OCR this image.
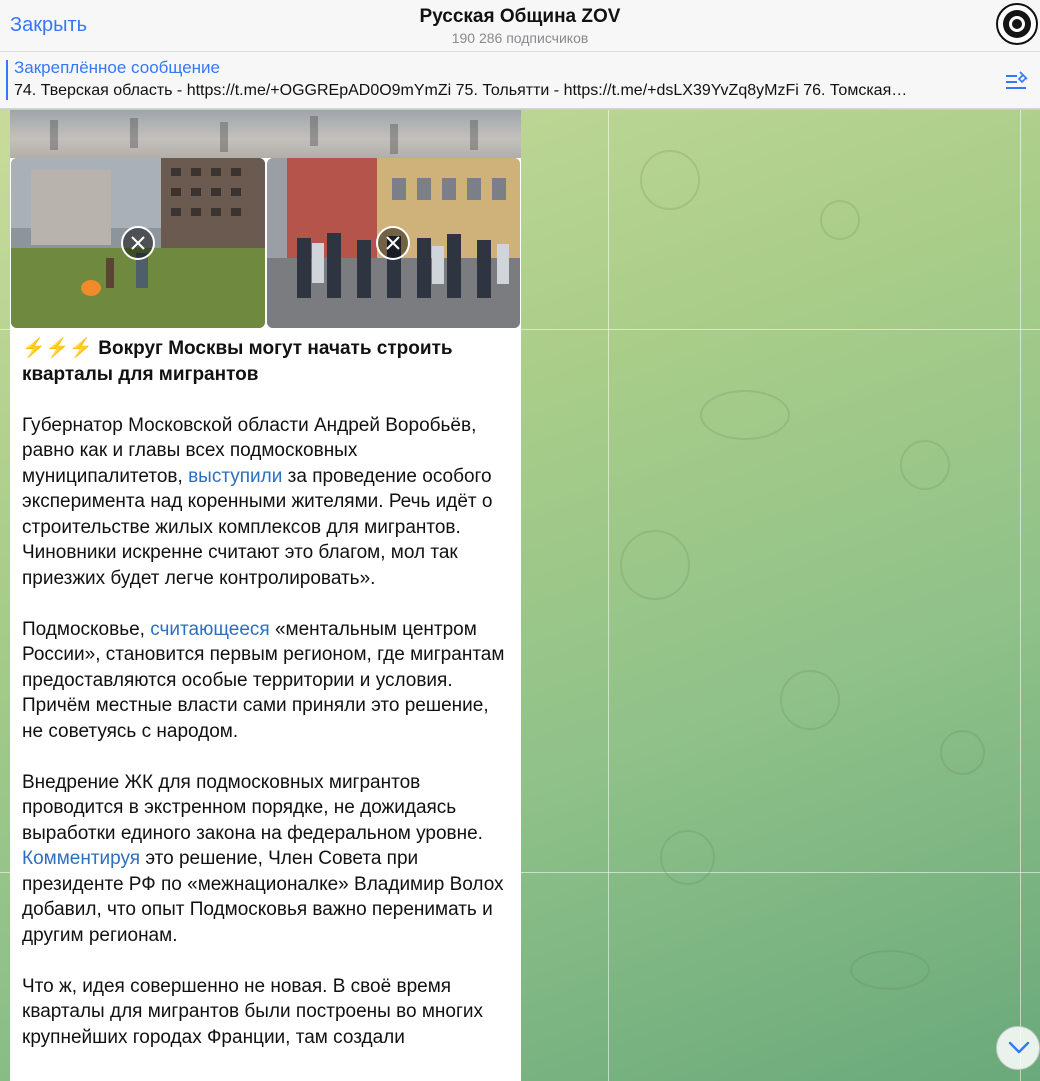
Закрыть	Русская Община ZOV
190 286 подписчиков
Закреплённое сообщение
74. Тверская область - https://t.me/+OGGREpAD0O9mYmZi 75. Тольятти - https://t.me/+dsLX39YvZq8yMzFi 76. Томская…

⚡️⚡️⚡️ Вокруг Москвы могут начать строить кварталы для мигрантов

Губернатор Московской области Андрей Воробьёв, равно как и главы всех подмосковных муниципалитетов, выступили за проведение особого эксперимента над коренными жителями. Речь идёт о строительстве жилых комплексов для мигрантов. Чиновники искренне считают это благом, мол так приезжих будет легче контролировать».

Подмосковье, считающееся «ментальным центром России», становится первым регионом, где мигрантам предоставляются особые территории и условия. Причём местные власти сами приняли это решение, не советуясь с народом.

Внедрение ЖК для подмосковных мигрантов проводится в экстренном порядке, не дожидаясь выработки единого закона на федеральном уровне. Комментируя это решение, Член Совета при президенте РФ по «межнационалке» Владимир Волох добавил, что опыт Подмосковья важно перенимать и другим регионам.

Что ж, идея совершенно не новая. В своё время кварталы для мигрантов были построены во многих крупнейших городах Франции, там создали
